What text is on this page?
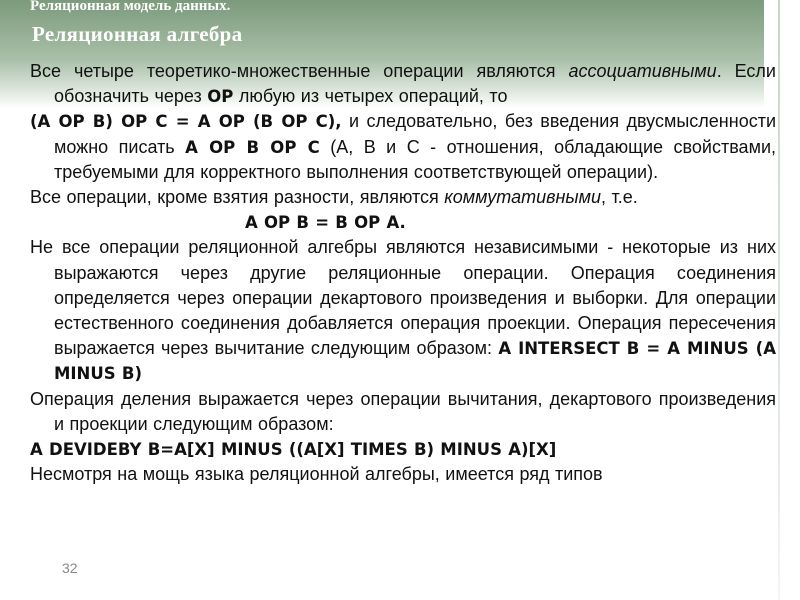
Реляционная модель данных.
Реляционная алгебра

Все четыре теоретико-множественные операции являются ассоциативными. Если обозначить через OP любую из четырех операций, то

(A OP B) OP C = A OP (B OP C), и следовательно, без введения двусмысленности можно писать A OP B OP C (A, B и C - отношения, обладающие свойствами, требуемыми для корректного выполнения соответствующей операции).

Все операции, кроме взятия разности, являются коммутативными, т.е.

A OP B = B OP A.

Не все операции реляционной алгебры являются независимыми - некоторые из них выражаются через другие реляционные операции. Операция соединения определяется через операции декартового произведения и выборки. Для операции естественного соединения добавляется операция проекции. Операция пересечения выражается через вычитание следующим образом: A INTERSECT B = A MINUS (A MINUS B)

Операция деления выражается через операции вычитания, декартового произведения и проекции следующим образом:

A DEVIDEBY B=A[X] MINUS ((A[X] TIMES B) MINUS A)[X]

Несмотря на мощь языка реляционной алгебры, имеется ряд типов

32
